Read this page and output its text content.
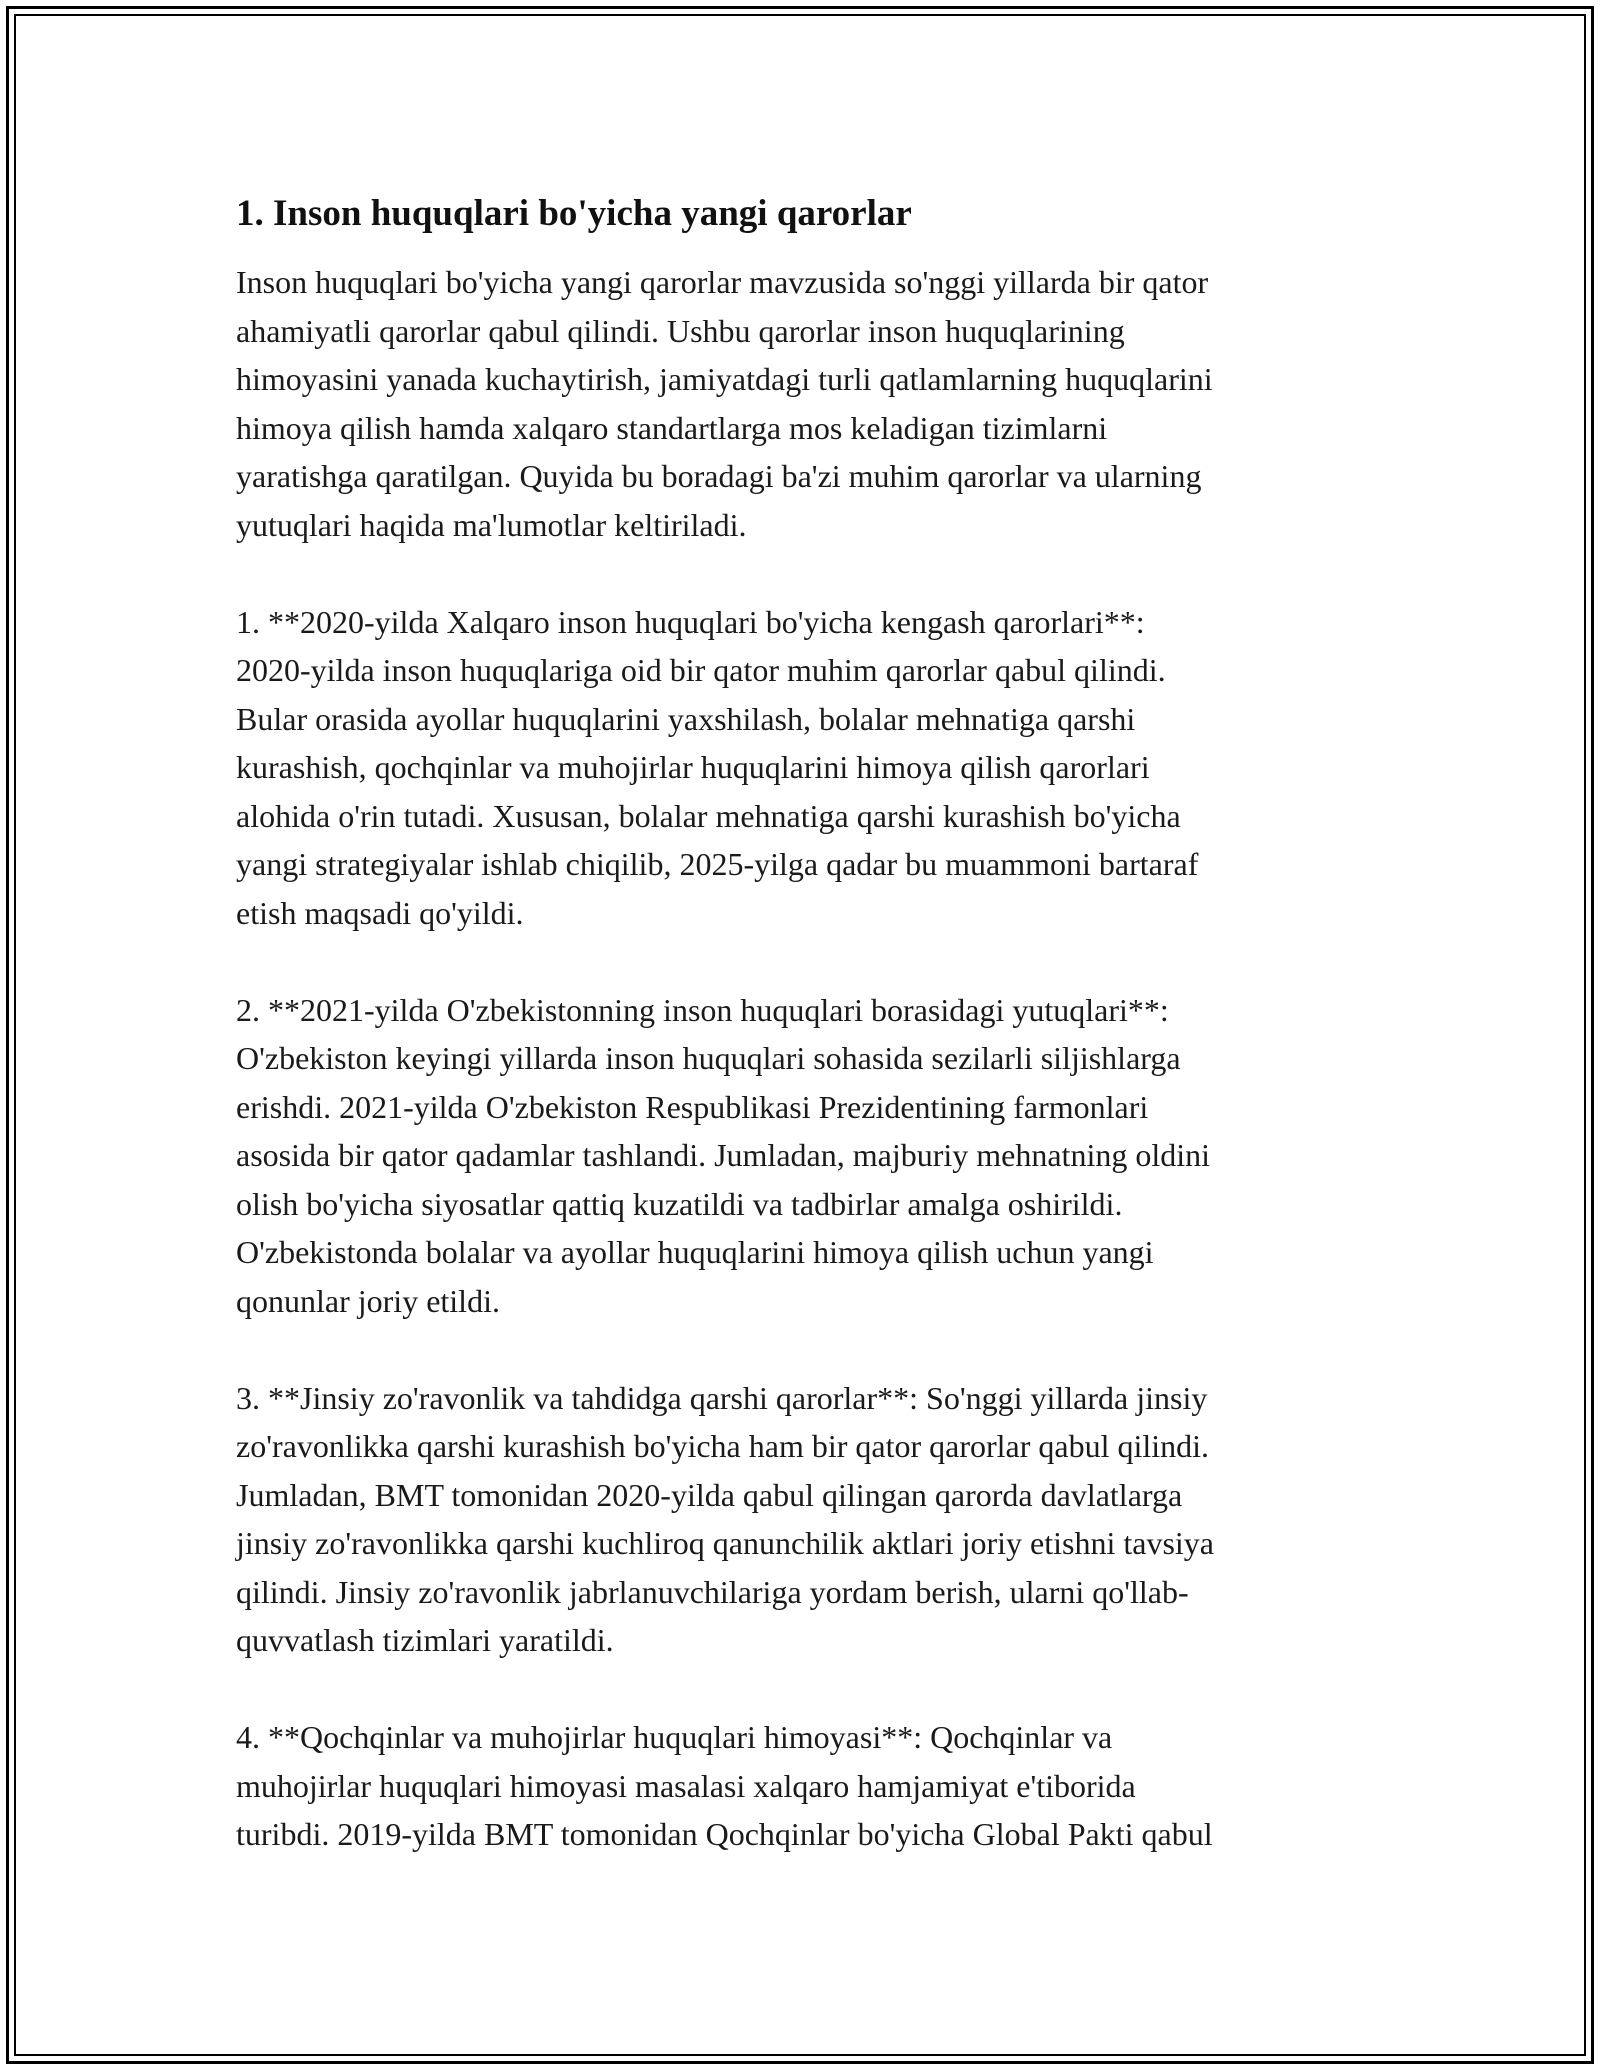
1. Inson huquqlari bo'yicha yangi qarorlar

Inson huquqlari bo'yicha yangi qarorlar mavzusida so'nggi yillarda bir qator
ahamiyatli qarorlar qabul qilindi. Ushbu qarorlar inson huquqlarining
himoyasini yanada kuchaytirish, jamiyatdagi turli qatlamlarning huquqlarini
himoya qilish hamda xalqaro standartlarga mos keladigan tizimlarni
yaratishga qaratilgan. Quyida bu boradagi ba'zi muhim qarorlar va ularning
yutuqlari haqida ma'lumotlar keltiriladi.

1. **2020-yilda Xalqaro inson huquqlari bo'yicha kengash qarorlari**:
2020-yilda inson huquqlariga oid bir qator muhim qarorlar qabul qilindi.
Bular orasida ayollar huquqlarini yaxshilash, bolalar mehnatiga qarshi
kurashish, qochqinlar va muhojirlar huquqlarini himoya qilish qarorlari
alohida o'rin tutadi. Xususan, bolalar mehnatiga qarshi kurashish bo'yicha
yangi strategiyalar ishlab chiqilib, 2025-yilga qadar bu muammoni bartaraf
etish maqsadi qo'yildi.

2. **2021-yilda O'zbekistonning inson huquqlari borasidagi yutuqlari**:
O'zbekiston keyingi yillarda inson huquqlari sohasida sezilarli siljishlarga
erishdi. 2021-yilda O'zbekiston Respublikasi Prezidentining farmonlari
asosida bir qator qadamlar tashlandi. Jumladan, majburiy mehnatning oldini
olish bo'yicha siyosatlar qattiq kuzatildi va tadbirlar amalga oshirildi.
O'zbekistonda bolalar va ayollar huquqlarini himoya qilish uchun yangi
qonunlar joriy etildi.

3. **Jinsiy zo'ravonlik va tahdidga qarshi qarorlar**: So'nggi yillarda jinsiy
zo'ravonlikka qarshi kurashish bo'yicha ham bir qator qarorlar qabul qilindi.
Jumladan, BMT tomonidan 2020-yilda qabul qilingan qarorda davlatlarga
jinsiy zo'ravonlikka qarshi kuchliroq qanunchilik aktlari joriy etishni tavsiya
qilindi. Jinsiy zo'ravonlik jabrlanuvchilariga yordam berish, ularni qo'llab-
quvvatlash tizimlari yaratildi.

4. **Qochqinlar va muhojirlar huquqlari himoyasi**: Qochqinlar va
muhojirlar huquqlari himoyasi masalasi xalqaro hamjamiyat e'tiborida
turibdi. 2019-yilda BMT tomonidan Qochqinlar bo'yicha Global Pakti qabul
